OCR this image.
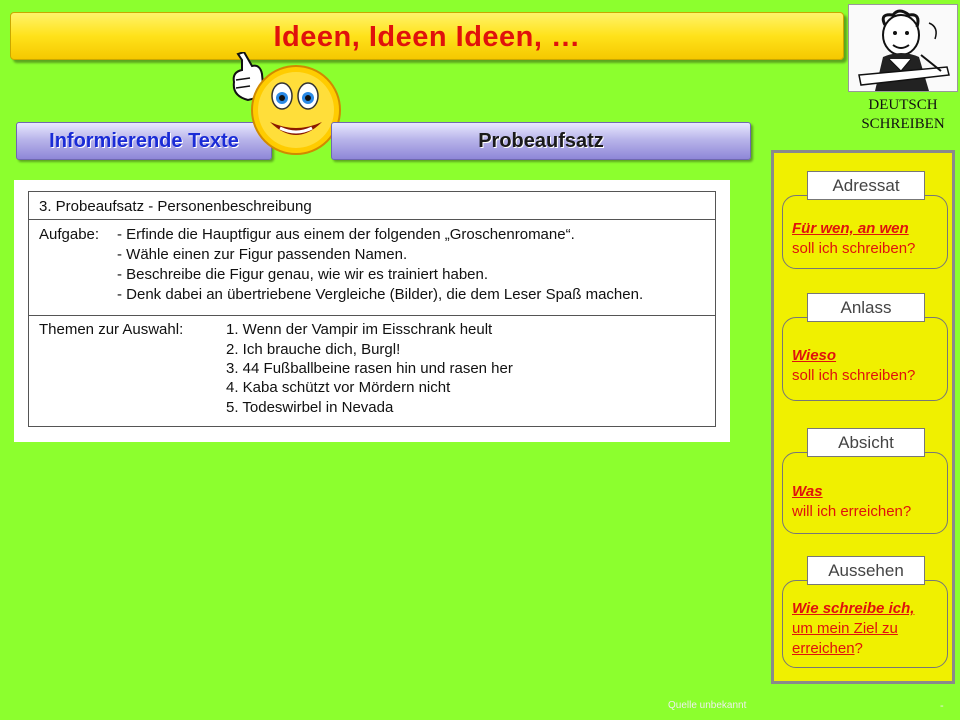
Ideen, Ideen Ideen, …
DEUTSCH
SCHREIBEN
Informierende Texte	Probeaufsatz
3. Probeaufsatz - Personenbeschreibung
Aufgabe: - Erfinde die Hauptfigur aus einem der folgenden „Groschenromane“.
- Wähle einen zur Figur passenden Namen.
- Beschreibe die Figur genau, wie wir es trainiert haben.
- Denk dabei an übertriebene Vergleiche (Bilder), die dem Leser Spaß machen.
Themen zur Auswahl:	1. Wenn der Vampir im Eisschrank heult
2. Ich brauche dich, Burgl!
3. 44 Fußballbeine rasen hin und rasen her
4. Kaba schützt vor Mördern nicht
5. Todeswirbel in Nevada
Adressat
Für wen, an wen
soll ich schreiben?
Anlass
Wieso
soll ich schreiben?
Absicht
Was
will ich erreichen?
Aussehen
Wie schreibe ich,
um mein Ziel zu
erreichen?
Quelle unbekannt	-
